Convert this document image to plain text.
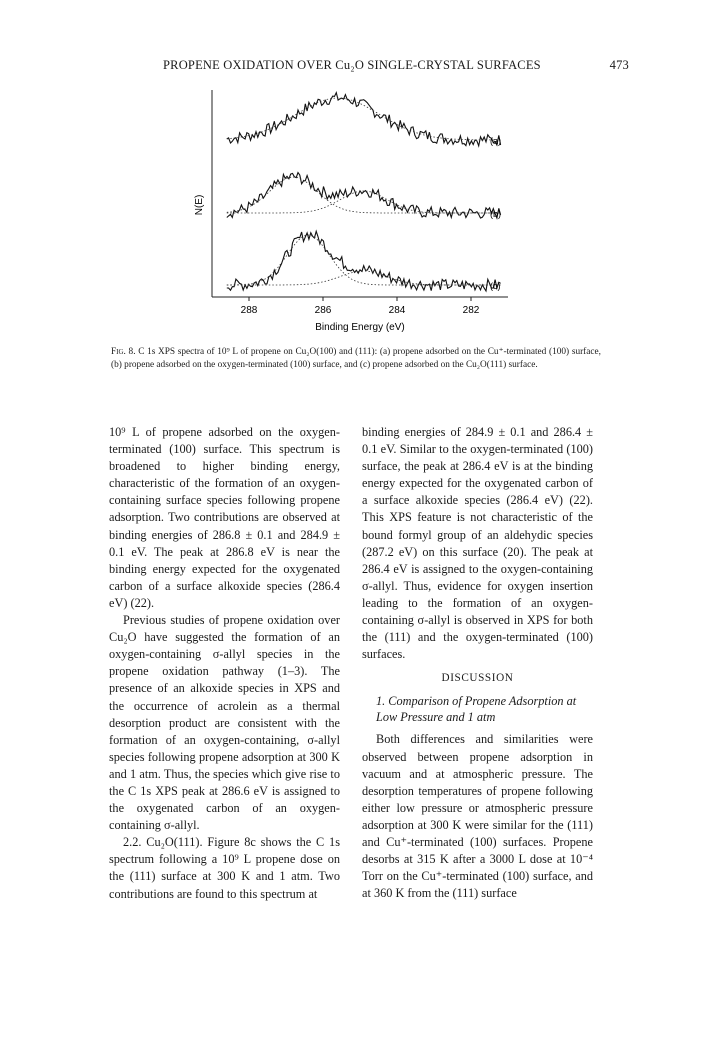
PROPENE OXIDATION OVER Cu₂O SINGLE-CRYSTAL SURFACES	473
N(E)
Binding Energy (eV)
288	286	284	282
(a)
(b)
(c)
Fig. 8. C 1s XPS spectra of 10⁹ L of propene on Cu₂O(100) and (111): (a) propene adsorbed on the Cu⁺-terminated (100) surface, (b) propene adsorbed on the oxygen-terminated (100) surface, and (c) propene adsorbed on the Cu₂O(111) surface.

10⁹ L of propene adsorbed on the oxygen-terminated (100) surface. This spectrum is broadened to higher binding energy, characteristic of the formation of an oxygen-containing surface species following propene adsorption. Two contributions are observed at binding energies of 286.8 ± 0.1 and 284.9 ± 0.1 eV. The peak at 286.8 eV is near the binding energy expected for the oxygenated carbon of a surface alkoxide species (286.4 eV) (22).

Previous studies of propene oxidation over Cu₂O have suggested the formation of an oxygen-containing σ-allyl species in the propene oxidation pathway (1–3). The presence of an alkoxide species in XPS and the occurrence of acrolein as a thermal desorption product are consistent with the formation of an oxygen-containing, σ-allyl species following propene adsorption at 300 K and 1 atm. Thus, the species which give rise to the C 1s XPS peak at 286.6 eV is assigned to the oxygenated carbon of an oxygen-containing σ-allyl.

2.2. Cu₂O(111). Figure 8c shows the C 1s spectrum following a 10⁹ L propene dose on the (111) surface at 300 K and 1 atm. Two contributions are found to this spectrum at

binding energies of 284.9 ± 0.1 and 286.4 ± 0.1 eV. Similar to the oxygen-terminated (100) surface, the peak at 286.4 eV is at the binding energy expected for the oxygenated carbon of a surface alkoxide species (286.4 eV) (22). This XPS feature is not characteristic of the bound formyl group of an aldehydic species (287.2 eV) on this surface (20). The peak at 286.4 eV is assigned to the oxygen-containing σ-allyl. Thus, evidence for oxygen insertion leading to the formation of an oxygen-containing σ-allyl is observed in XPS for both the (111) and the oxygen-terminated (100) surfaces.

DISCUSSION

1. Comparison of Propene Adsorption at
Low Pressure and 1 atm

Both differences and similarities were observed between propene adsorption in vacuum and at atmospheric pressure. The desorption temperatures of propene following either low pressure or atmospheric pressure adsorption at 300 K were similar for the (111) and Cu⁺-terminated (100) surfaces. Propene desorbs at 315 K after a 3000 L dose at 10⁻⁴ Torr on the Cu⁺-terminated (100) surface, and at 360 K from the (111) surface
